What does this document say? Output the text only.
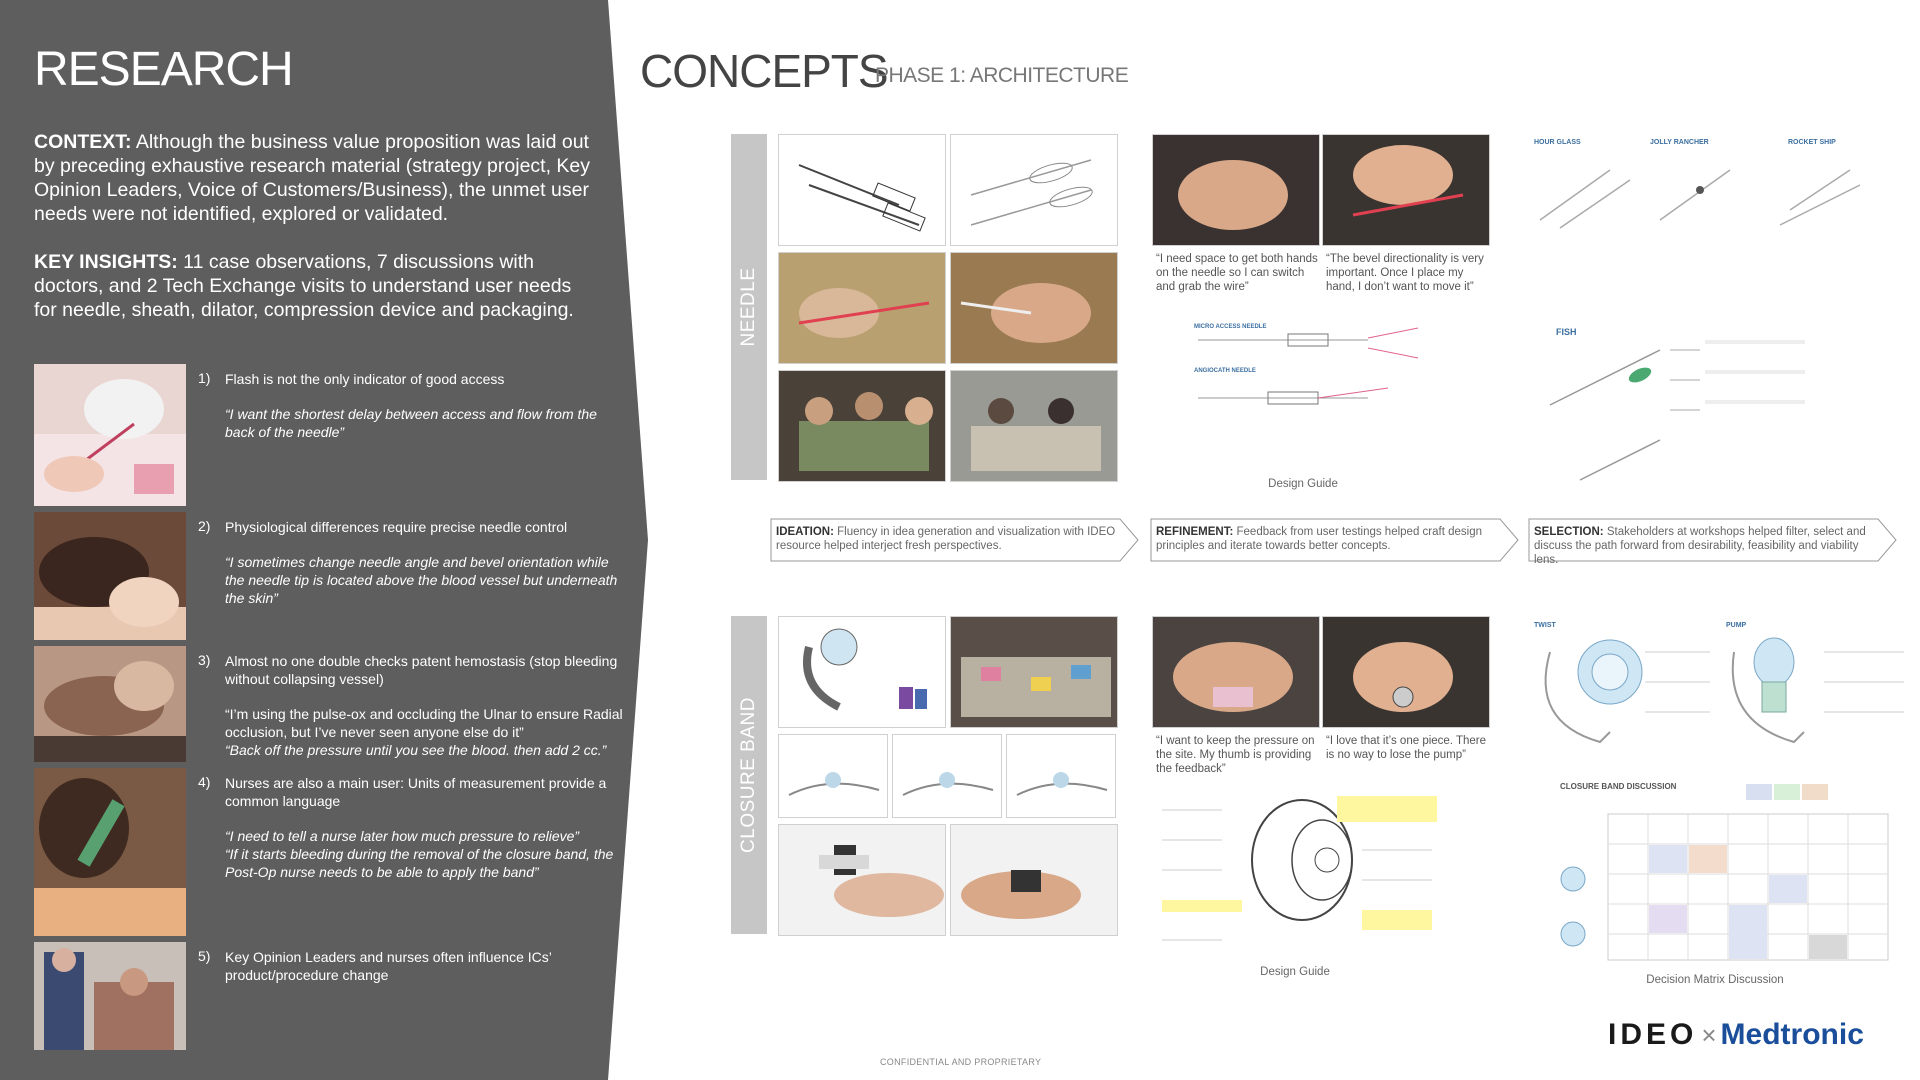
RESEARCH
CONTEXT: Although the business value proposition was laid out by preceding exhaustive research material (strategy project, Key Opinion Leaders, Voice of Customers/Business), the unmet user needs were not identified, explored or validated.
KEY INSIGHTS: 11 case observations, 7 discussions with doctors, and 2 Tech Exchange visits to understand user needs for needle, sheath, dilator, compression device and packaging.
1) Flash is not the only indicator of good access
“I want the shortest delay between access and flow from the back of the needle”
2) Physiological differences require precise needle control
“I sometimes change needle angle and bevel orientation while the needle tip is located above the blood vessel but underneath the skin”
3) Almost no one double checks patent hemostasis (stop bleeding without collapsing vessel)
“I’m using the pulse-ox and occluding the Ulnar to ensure Radial occlusion, but I’ve never seen anyone else do it”
“Back off the pressure until you see the blood. then add 2 cc.”
4) Nurses are also a main user: Units of measurement provide a common language
“I need to tell a nurse later how much pressure to relieve”
“If it starts bleeding during the removal of the closure band, the Post-Op nurse needs to be able to apply the band”
5) Key Opinion Leaders and nurses often influence ICs’ product/procedure change
CONCEPTS
PHASE 1: ARCHITECTURE
NEEDLE
CLOSURE BAND
“I need space to get both hands on the needle so I can switch and grab the wire”
“The bevel directionality is very important. Once I place my hand, I don’t want to move it”
MICRO ACCESS NEEDLE
ANGIOCATH NEEDLE
Design Guide
HOUR GLASS	JOLLY RANCHER	ROCKET SHIP
FISH
IDEATION: Fluency in idea generation and visualization with IDEO resource helped interject fresh perspectives.
REFINEMENT: Feedback from user testings helped craft design principles and iterate towards better concepts.
SELECTION: Stakeholders at workshops helped filter, select and discuss the path forward from desirability, feasibility and viability lens.
“I want to keep the pressure on the site. My thumb is providing the feedback”
“I love that it’s one piece. There is no way to lose the pump”
Design Guide
TWIST	PUMP
CLOSURE BAND DISCUSSION
Decision Matrix Discussion
CONFIDENTIAL AND PROPRIETARY
IDEO × Medtronic
